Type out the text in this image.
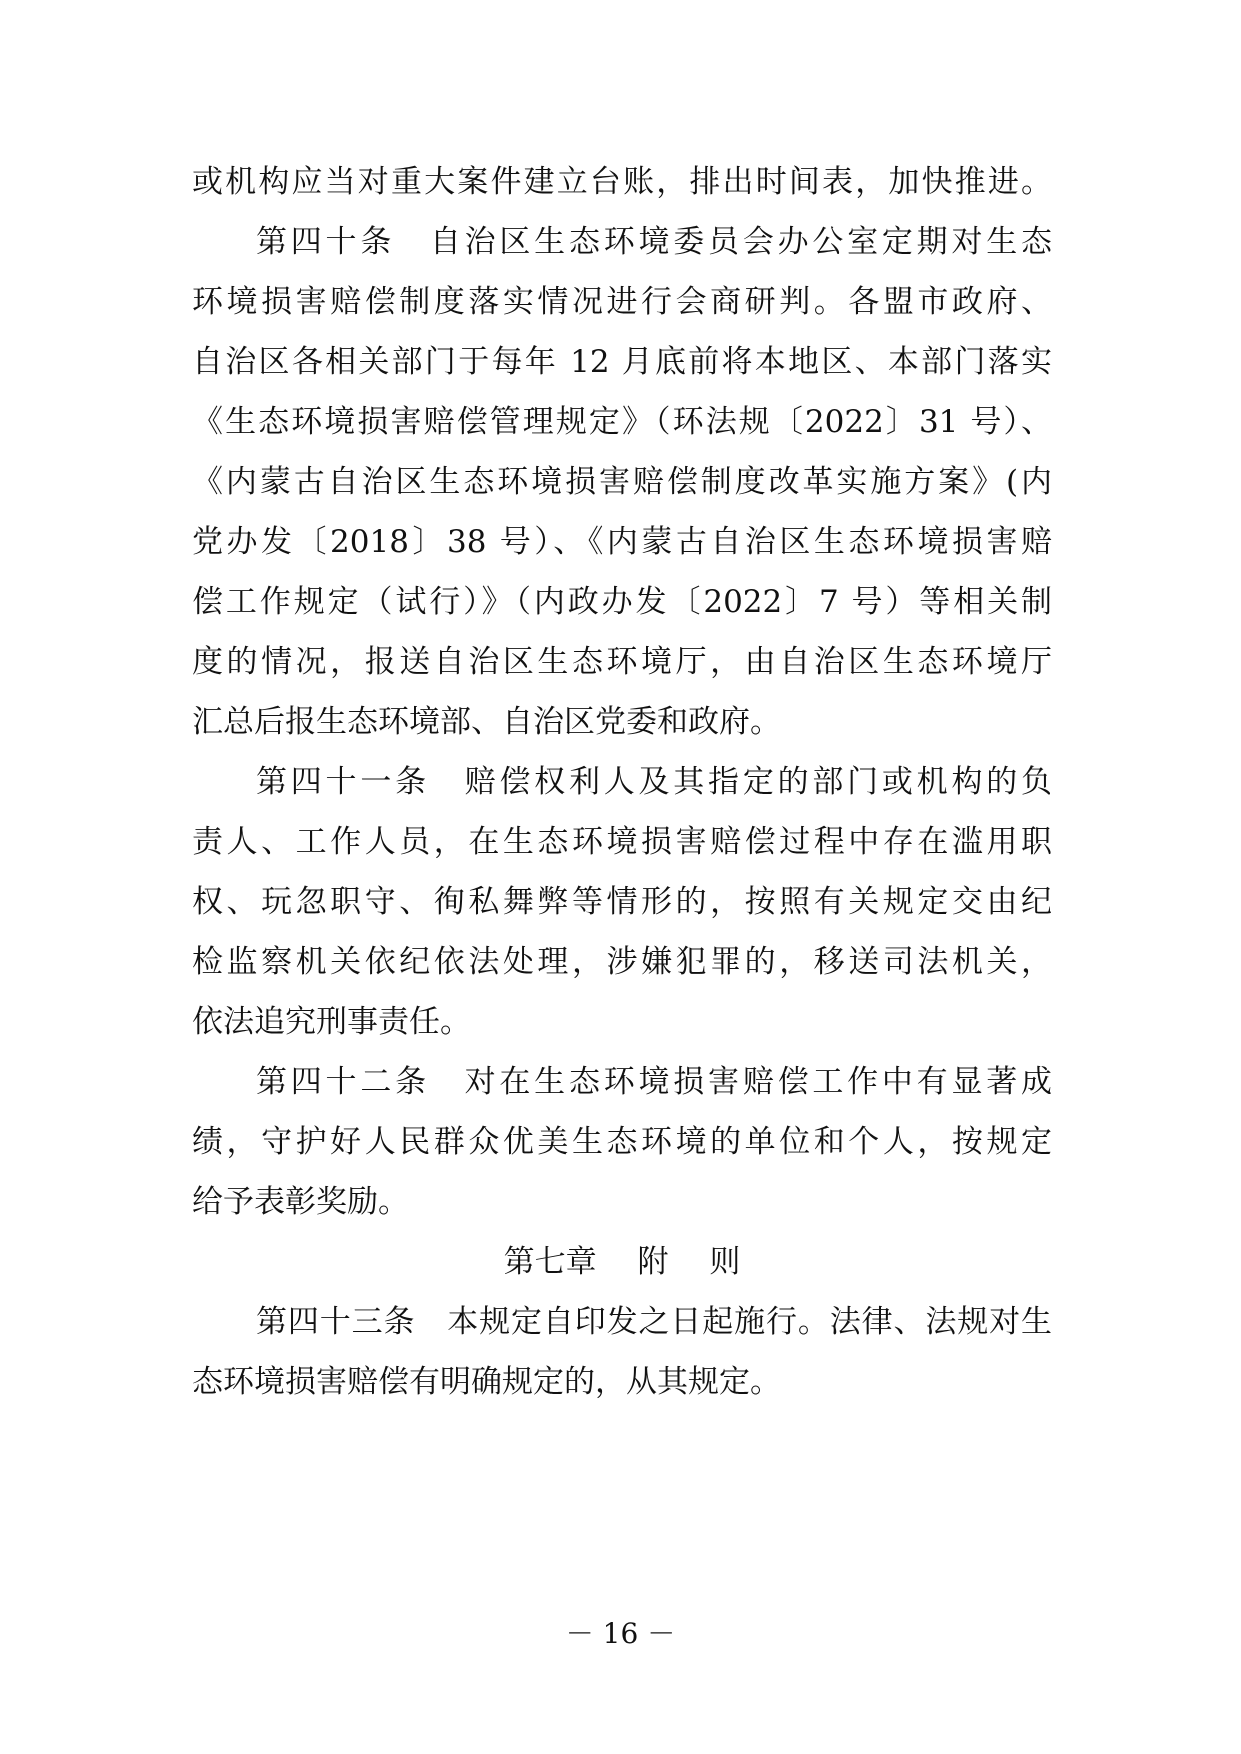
或机构应当对重大案件建立台账，排出时间表，加快推进。
第四十条　自治区生态环境委员会办公室定期对生态
环境损害赔偿制度落实情况进行会商研判。各盟市政府、
自治区各相关部门于每年 12 月底前将本地区、本部门落实
《生态环境损害赔偿管理规定》（环法规〔2022〕31 号）、
《内蒙古自治区生态环境损害赔偿制度改革实施方案》(内
党办发〔2018〕38 号）、《内蒙古自治区生态环境损害赔
偿工作规定（试行）》（内政办发〔2022〕7 号）等相关制
度的情况，报送自治区生态环境厅，由自治区生态环境厅
汇总后报生态环境部、自治区党委和政府。
第四十一条　赔偿权利人及其指定的部门或机构的负
责人、工作人员，在生态环境损害赔偿过程中存在滥用职
权、玩忽职守、徇私舞弊等情形的，按照有关规定交由纪
检监察机关依纪依法处理，涉嫌犯罪的，移送司法机关，
依法追究刑事责任。
第四十二条　对在生态环境损害赔偿工作中有显著成
绩，守护好人民群众优美生态环境的单位和个人，按规定
给予表彰奖励。
第七章　 附　 则
第四十三条　本规定自印发之日起施行。法律、法规对生
态环境损害赔偿有明确规定的，从其规定。
－ 16 －
